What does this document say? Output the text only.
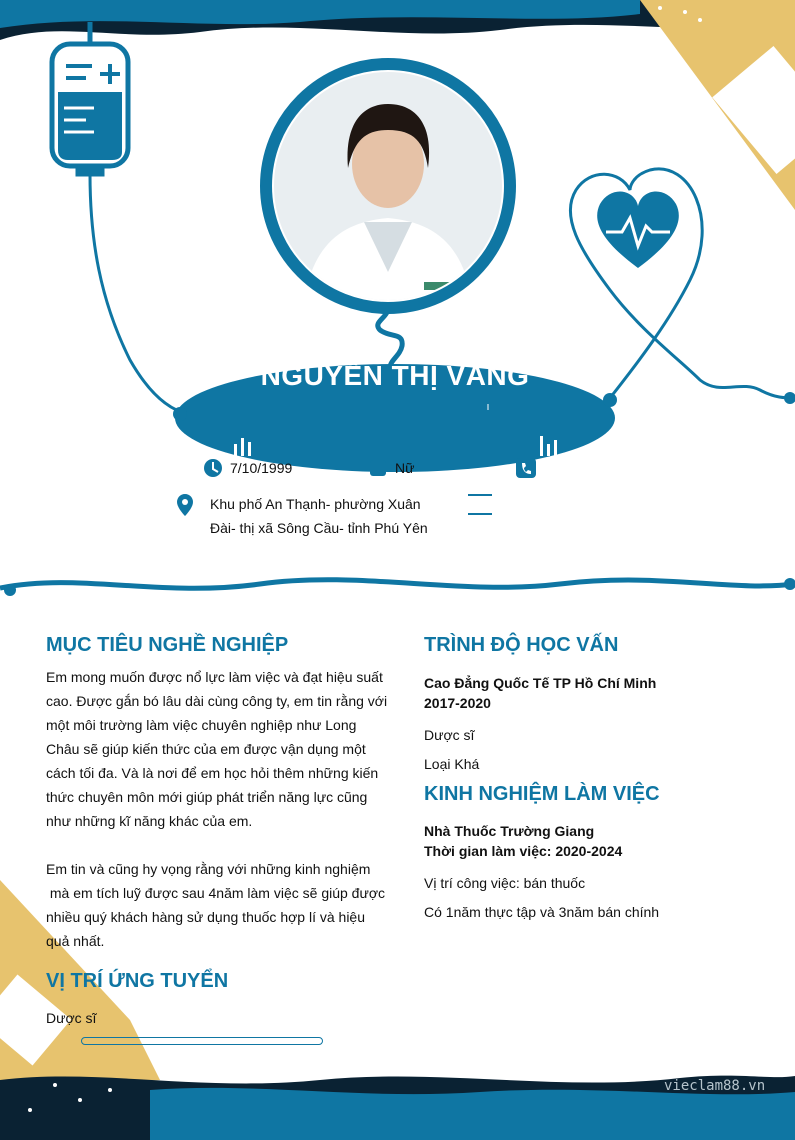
NGUYỄN THỊ VÀNG
7/10/1999	Nữ
Khu phố An Thạnh- phường Xuân
Đài- thị xã Sông Cầu- tỉnh Phú Yên
MỤC TIÊU NGHỀ NGHIỆP
Em mong muốn được nổ lực làm việc và đạt hiệu suất
cao. Được gắn bó lâu dài cùng công ty, em tin rằng với
một môi trường làm việc chuyên nghiệp như Long
Châu sẽ giúp kiến thức của em được vận dụng một
cách tối đa. Và là nơi để em học hỏi thêm những kiến
thức chuyên môn mới giúp phát triển năng lực cũng
như những kĩ năng khác của em.
Em tin và cũng hy vọng rằng với những kinh nghiệm
mà em tích luỹ được sau 4năm làm việc sẽ giúp được
nhiều quý khách hàng sử dụng thuốc hợp lí và hiệu
quả nhất.
VỊ TRÍ ỨNG TUYỂN
Dược sĩ
TRÌNH ĐỘ HỌC VẤN
Cao Đẳng Quốc Tế TP Hồ Chí Minh
2017-2020
Dược sĩ
Loại Khá
KINH NGHIỆM LÀM VIỆC
Nhà Thuốc Trường Giang
Thời gian làm việc: 2020-2024
Vị trí công việc: bán thuốc
Có 1năm thực tập và 3năm bán chính
vieclam88.vn
